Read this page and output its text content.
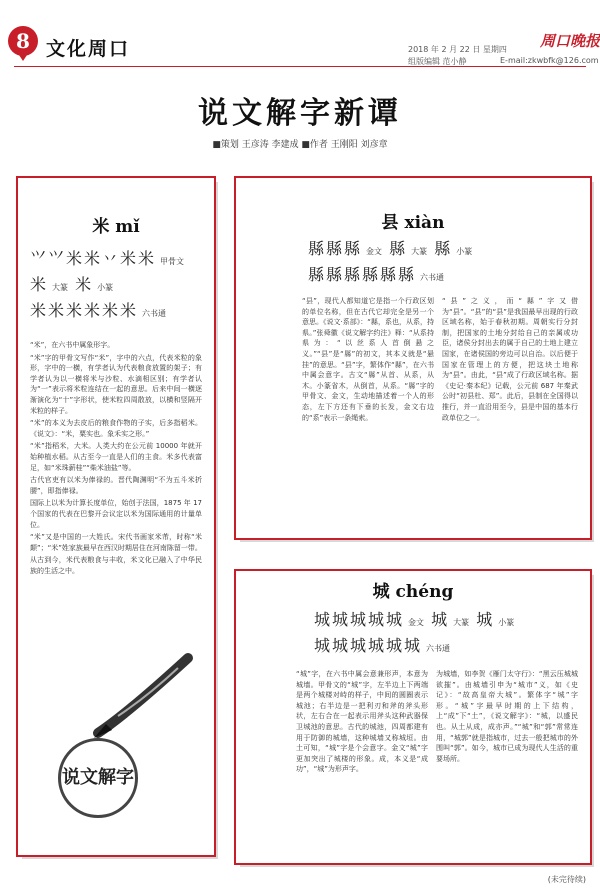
8 文化周口	2018 年 2 月 22 日 星期四
组版编辑 范小静	E-mail:zkwbfk@126.com
周口晚报
说文解字新谭
■策划 王彦涛 李建成 ■作者 王刚阳 刘彦章
米 mǐ
⺍⺍米米丷米米 甲骨文
米大篆 米 小篆
米米米米米米 六书通

“米”，在六书中属象形字。

“米”字的甲骨文写作“米”，字中的六点，代表米粒的象形，字中的一横，有学者认为代表粮食放置的架子；有学者认为以一横将米与沙粒、水滴相区别；有学者认为“一”表示将米粒连结在一起的意思。后来中间一横逐渐演化为“十”字形状，使米粒四周散放，以横和竖隔开米粒的样子。

“米”的本义为去皮后的粮食作物的子实，后多指稻米。《说文》：“米，粟实也。象禾实之形。”

“米”指稻米，大米。人类大约在公元前 10000 年就开始种植水稻。从古至今一直是人们的主食。米多代表富足，如“米珠薪桂”“柴米油盐”等。

古代官吏有以米为俸禄的。晋代陶渊明“不为五斗米折腰”，即指俸禄。

国际上以米为计算长度单位，始创于法国，1875 年 17 个国家的代表在巴黎开会议定以米为国际通用的计量单位。

“米”又是中国的一大姓氏。宋代书画家米芾，时称“米颠”；“米”姓家族最早在西汉时期居住在河南陈留一带。

从古到今，米代表粮食与丰收，米文化已融入了中华民族的生活之中。

说文解字
县 xiàn
縣縣縣 金文 縣 大篆 縣 小篆
縣縣縣縣縣縣 六书通
“县”，现代人都知道它是指一个行政区划的单位名称，但在古代它却完全是另一个意思。《说文·系部》：“縣，系也，从系，持県。”张舜徽《说文解字约注》释：“从系持県为：“以丝系人首倒悬之义。”“县”是“縣”的初文，其本义就是“悬挂”的意思。“县”字，繁体作“縣”，在六书中属会意字。古文“縣”从首、从系，从木。小篆省木，从倒首，从系。“縣”字的甲骨文、金文，生动地描述着一个人的形态，左下方还有下垂的长发，金文右边的“系”表示一条绳索。
“县”之义，而“縣”字又借为“县”。“县”的“县”是我国最早出现的行政区域名称，始于春秋初期。周朝实行分封制，把国家的土地分封给自己的亲属或功臣，诸侯分封出去的属于自己的土地上建立国家，在诸侯国的旁边可以自治。以后便于国家在管理上的方便，把这块土地称为“县”。由此，“县”成了行政区域名称。据《史记·秦本纪》记载，公元前 687 年秦武公时“初县杜、郑”。此后，县制在全国得以推行，并一直沿用至今，县是中国的基本行政单位之一。
城 chéng
城城城城城 金文 城 大篆 城 小篆
城城城城城城 六书通
“城”字，在六书中属会意兼形声，本意为城墙。甲骨文的“城”字，左半边上下两端是两个城楼对峙的样子，中间的圆圈表示城池；右半边是一把利刃和斧的斧头形状，左右合在一起表示用斧头这种武器保卫城池的意思。古代的城池，四周都建有用于防御的城墙，这种城墙又称城垣。由土可知，“城”字是个会意字。金文“城”字更加突出了城楼的形象。成，本义是“成功”，“城”为形声字。
为城墙，如李贺《雁门太守行》：“黑云压城城欲摧”。由城墙引申为“城市”义，如《史记》：“故高皇帝大城”。繁体字“城”字形。“城”字最早时期的上下结构，上“成”下“土”，《说文解字》：“城，以盛民也。从土从成，成亦声。”“城”和“郭”常常连用，“城郭”就是指城市，过去一般把城市的外围叫“郭”。如今，城市已成为现代人生活的重要场所。
(未完待续)
